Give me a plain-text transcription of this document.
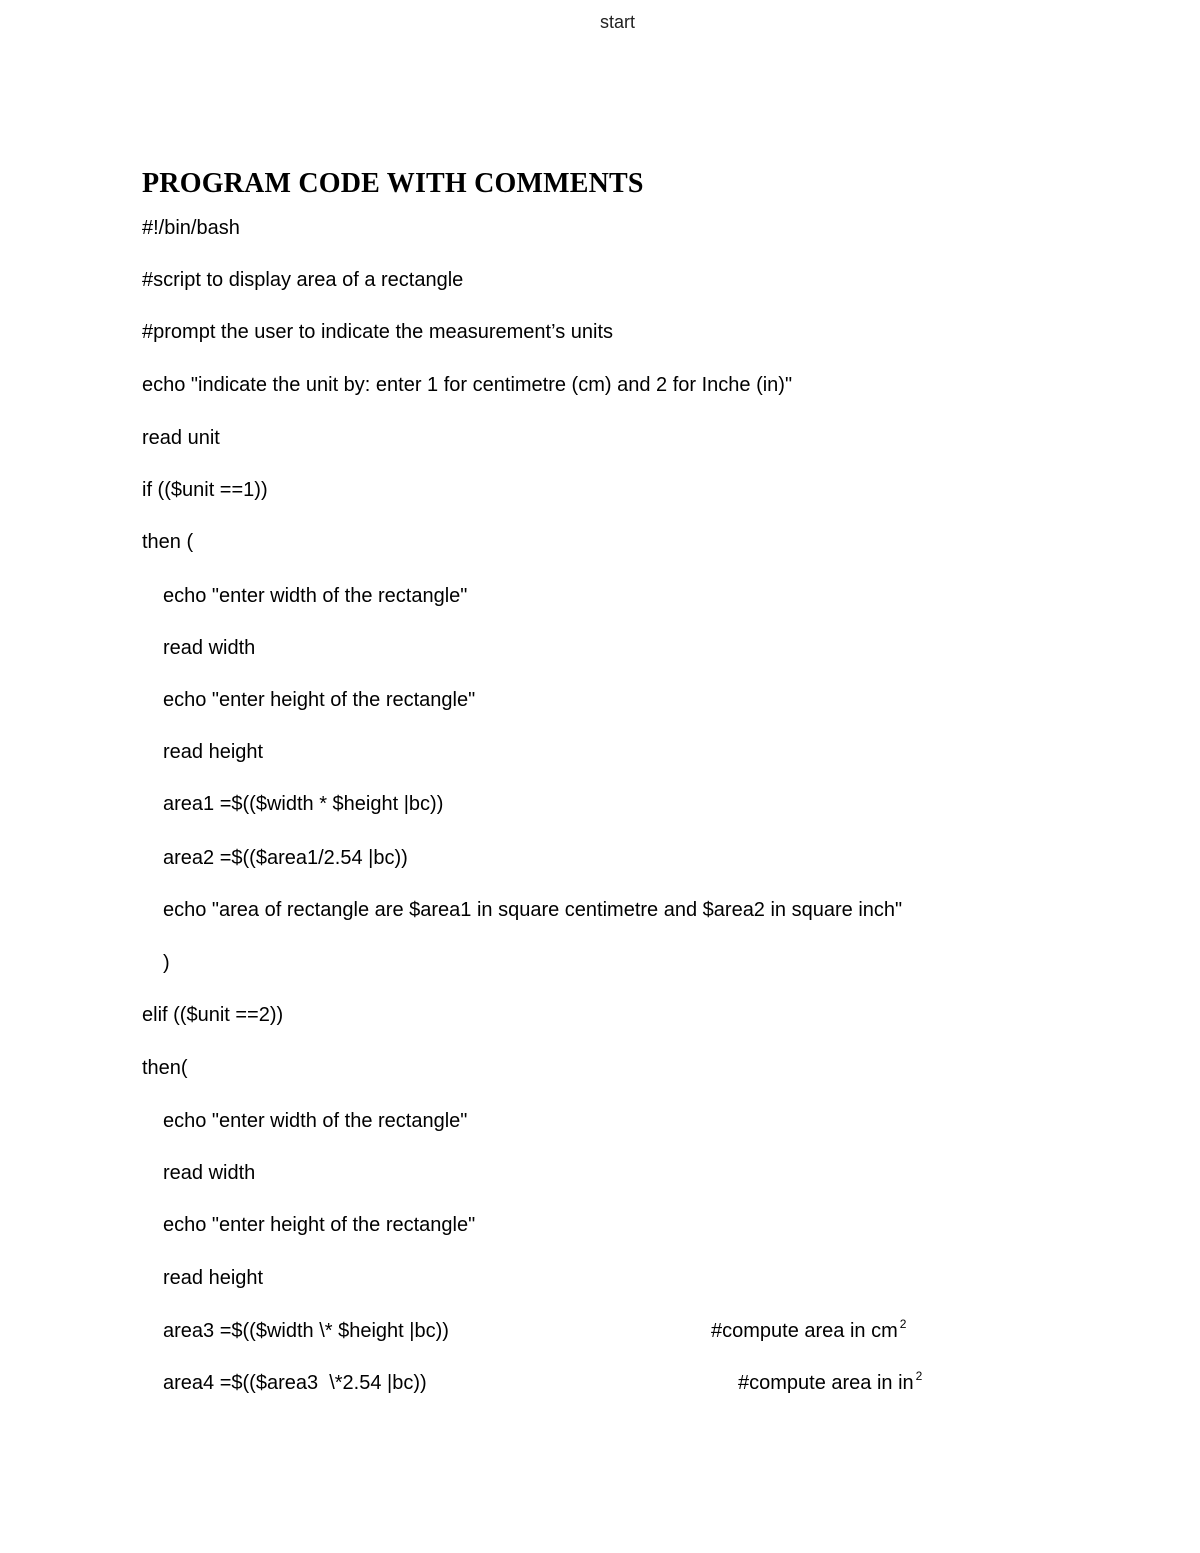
start
PROGRAM CODE WITH COMMENTS
#!/bin/bash
#script to display area of a rectangle
#prompt the user to indicate the measurement’s units
echo "indicate the unit by: enter 1 for centimetre (cm) and 2 for Inche (in)"
read unit
if (($unit ==1))
then (
echo "enter width of the rectangle"
read width
echo "enter height of the rectangle"
read height
area1 =$(($width * $height |bc))
area2 =$(($area1/2.54 |bc))
echo "area of rectangle are $area1 in square centimetre and $area2 in square inch"
)
elif (($unit ==2))
then(
echo "enter width of the rectangle"
read width
echo "enter height of the rectangle"
read height
area3 =$(($width \* $height |bc))
area4 =$(($area3  \*2.54 |bc))
#compute area in cm $^2$
#compute area in in $^2$
